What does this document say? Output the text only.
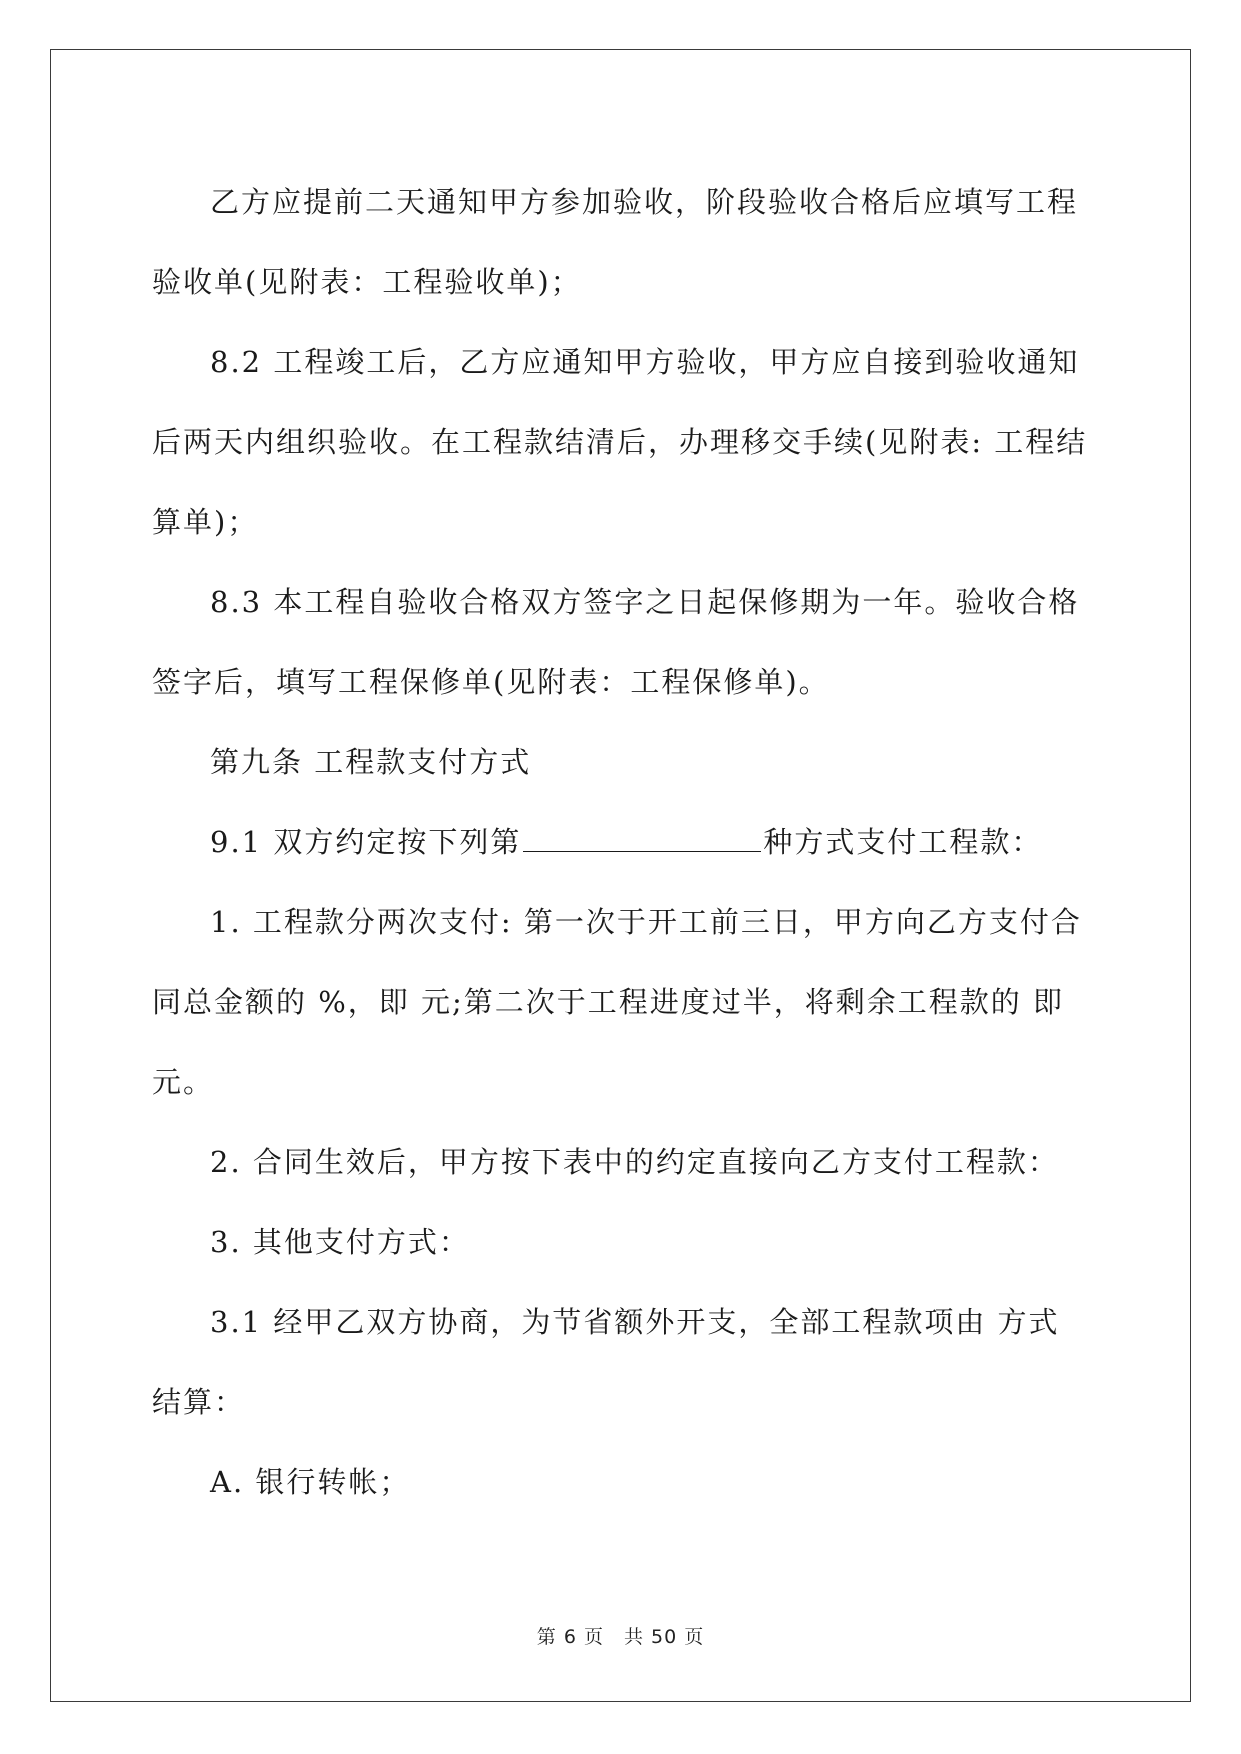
乙方应提前二天通知甲方参加验收，阶段验收合格后应填写工程

验收单(见附表：工程验收单)；

8.2 工程竣工后，乙方应通知甲方验收，甲方应自接到验收通知

后两天内组织验收。在工程款结清后，办理移交手续(见附表: 工程结

算单)；

8.3 本工程自验收合格双方签字之日起保修期为一年。验收合格

签字后，填写工程保修单(见附表：工程保修单)。

第九条 工程款支付方式

9.1 双方约定按下列第	种方式支付工程款：

1. 工程款分两次支付: 第一次于开工前三日，甲方向乙方支付合

同总金额的 %，即 元;第二次于工程进度过半，将剩余工程款的 即

元。

2. 合同生效后，甲方按下表中的约定直接向乙方支付工程款：

3. 其他支付方式：

3.1 经甲乙双方协商，为节省额外开支，全部工程款项由 方式

结算：

A. 银行转帐；

第 6 页 共 50 页
